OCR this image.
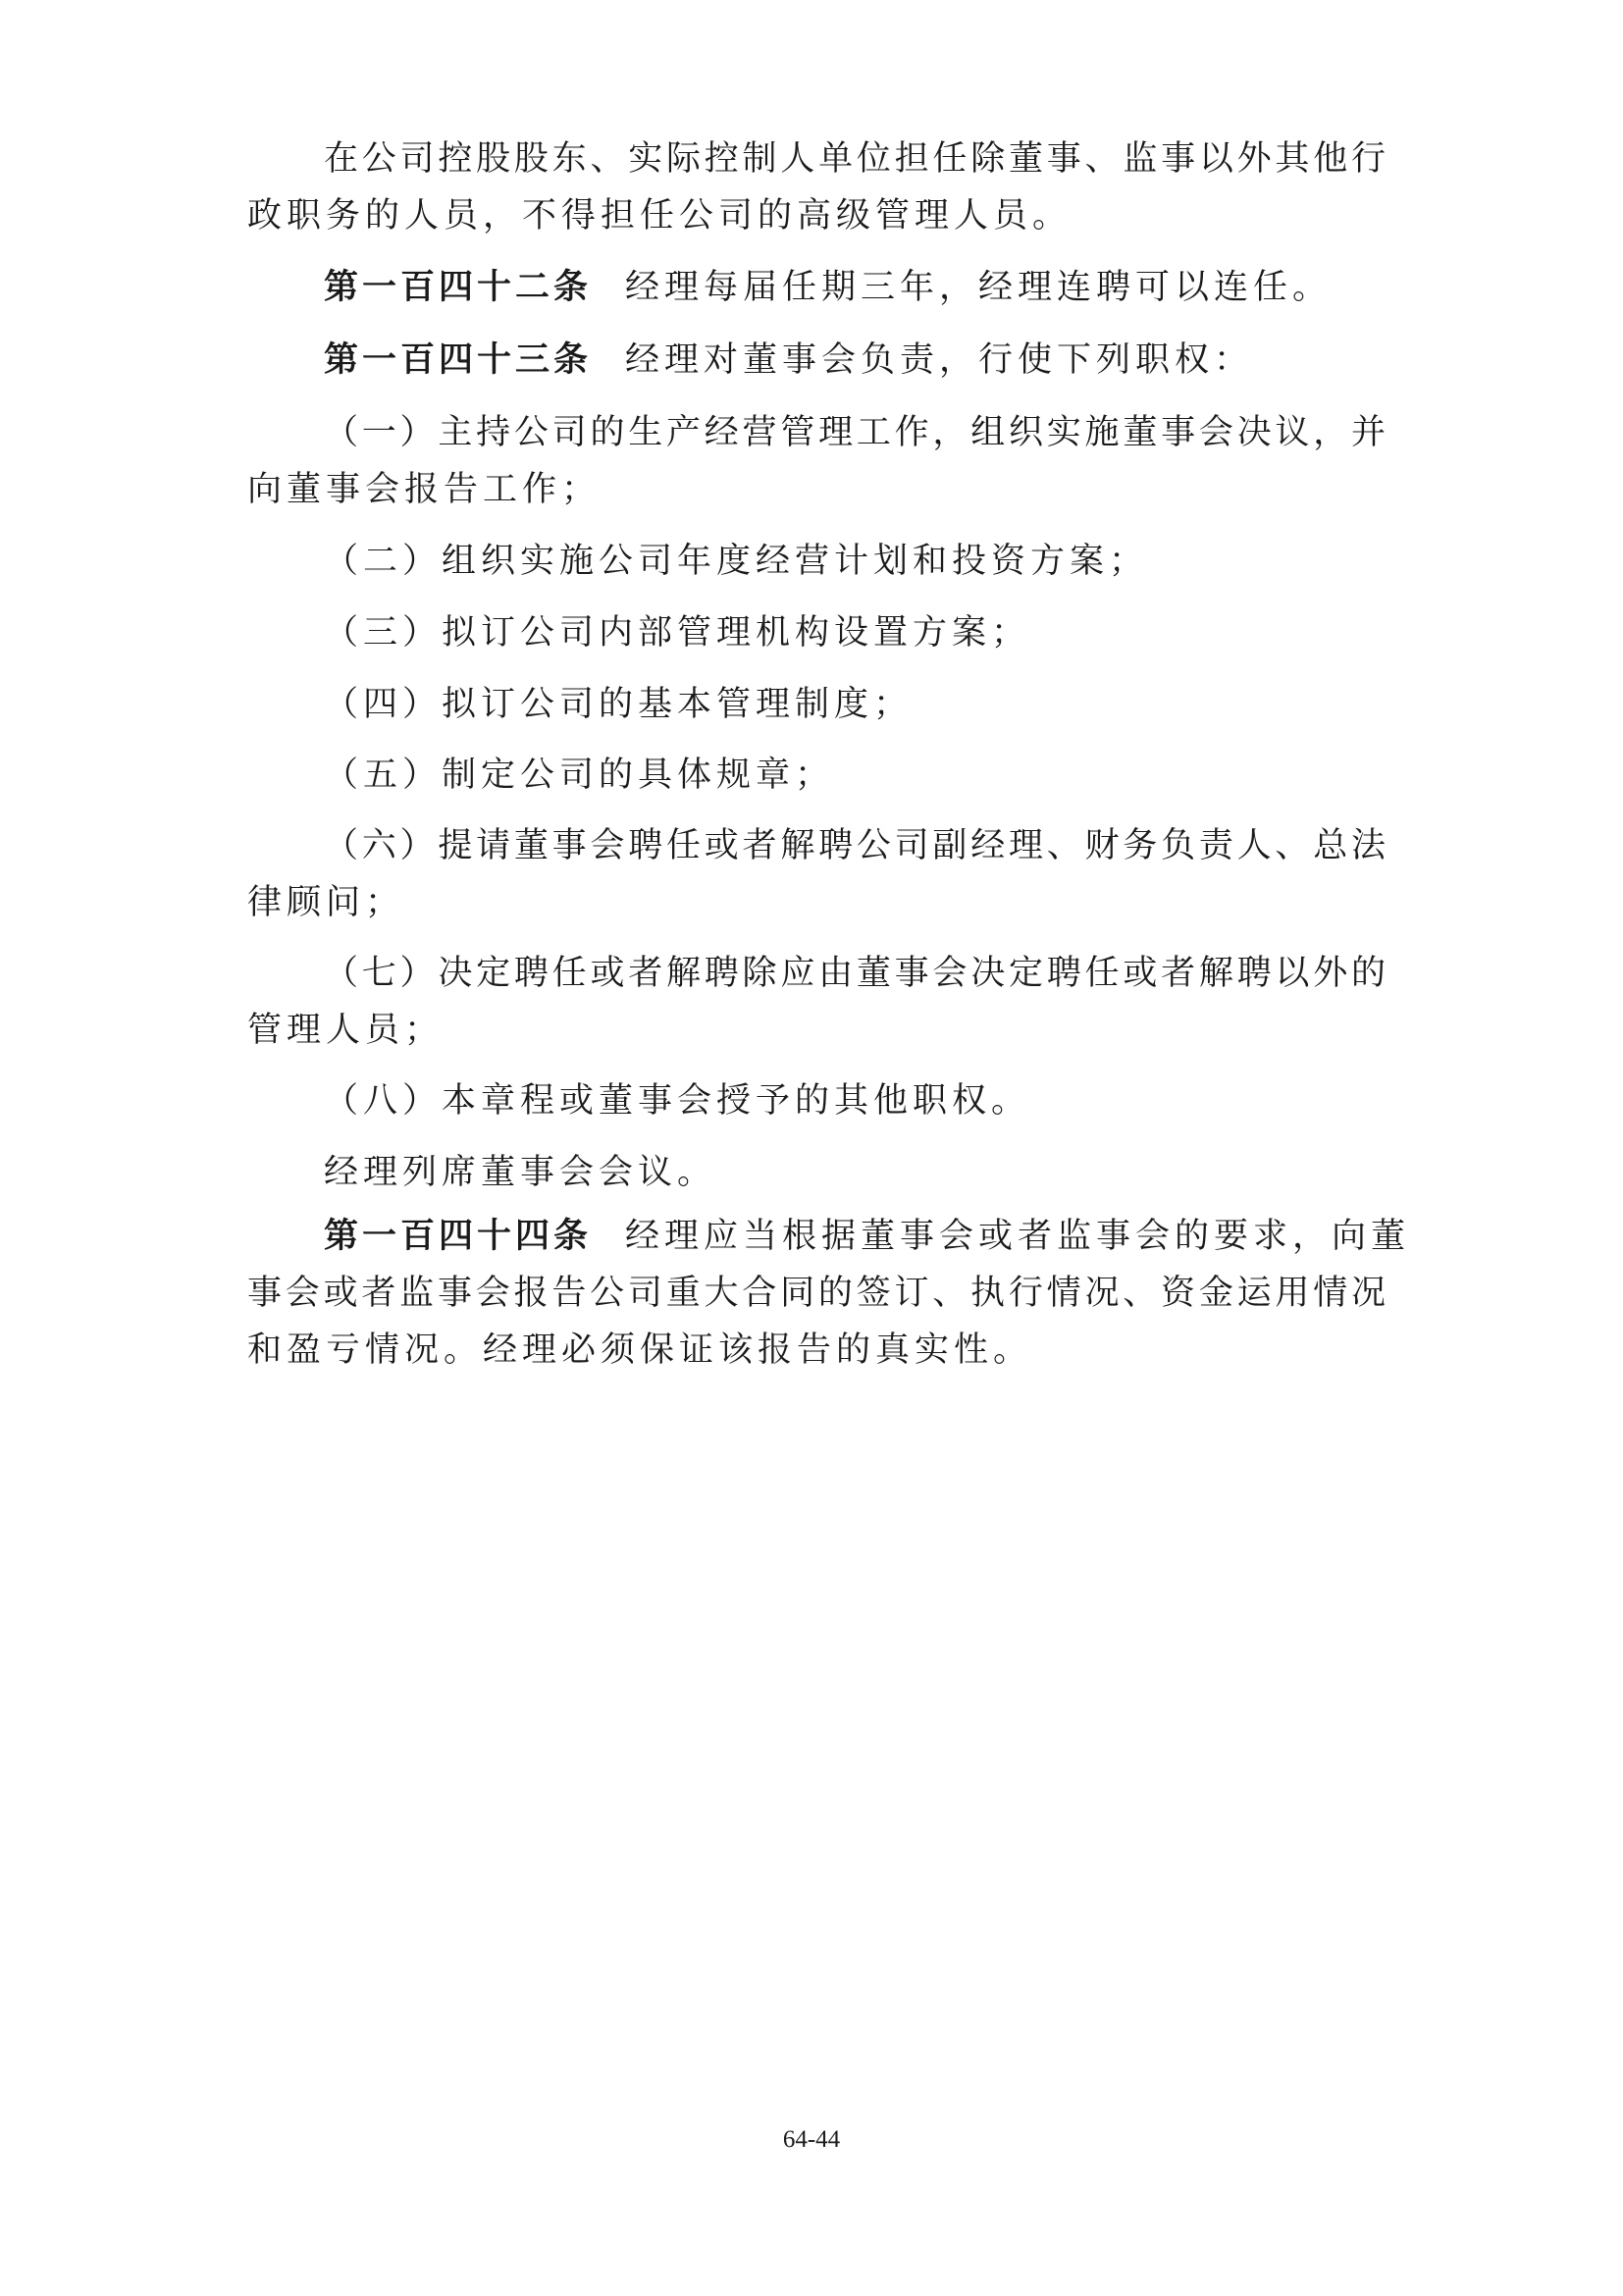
在公司控股股东、实际控制人单位担任除董事、监事以外其他行
政职务的人员，不得担任公司的高级管理人员。
第一百四十二条 经理每届任期三年，经理连聘可以连任。
第一百四十三条 经理对董事会负责，行使下列职权：
（一）主持公司的生产经营管理工作，组织实施董事会决议，并
向董事会报告工作；
（二）组织实施公司年度经营计划和投资方案；
（三）拟订公司内部管理机构设置方案；
（四）拟订公司的基本管理制度；
（五）制定公司的具体规章；
（六）提请董事会聘任或者解聘公司副经理、财务负责人、总法
律顾问；
（七）决定聘任或者解聘除应由董事会决定聘任或者解聘以外的
管理人员；
（八）本章程或董事会授予的其他职权。
经理列席董事会会议。
第一百四十四条 经理应当根据董事会或者监事会的要求，向董
事会或者监事会报告公司重大合同的签订、执行情况、资金运用情况
和盈亏情况。经理必须保证该报告的真实性。
64-44
